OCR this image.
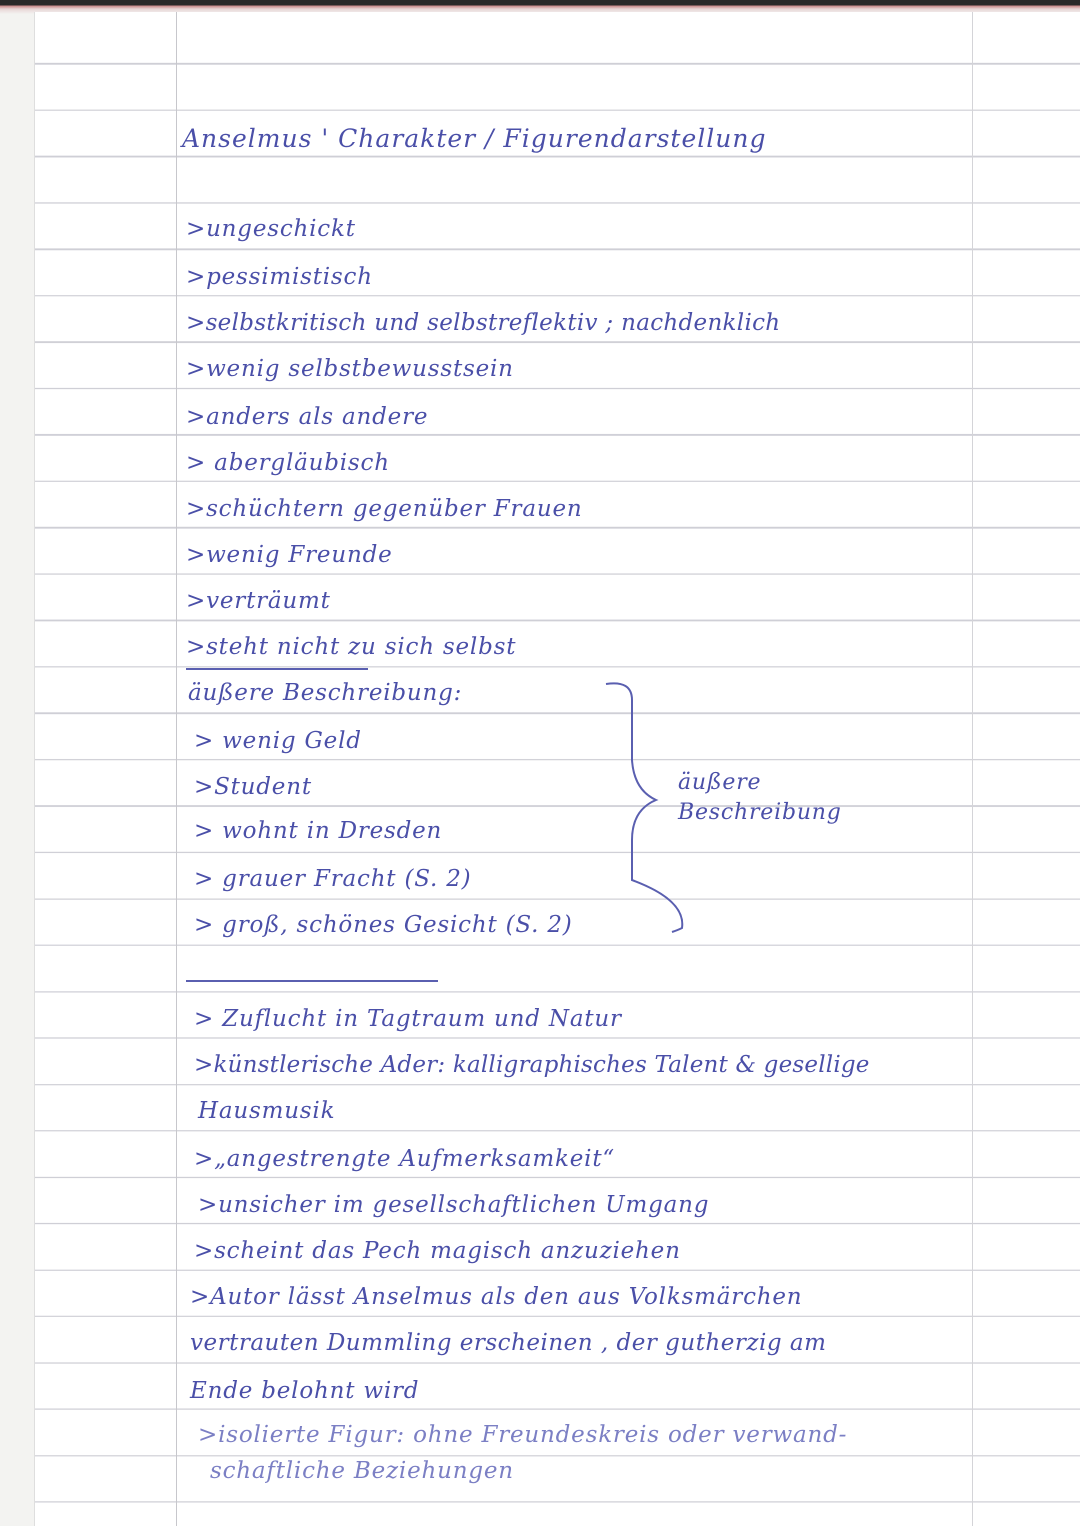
Anselmus ' Charakter / Figurendarstellung
>ungeschickt
>pessimistisch
>selbstkritisch und selbstreflektiv ; nachdenklich
>wenig selbstbewusstsein
>anders als andere
> abergläubisch
>schüchtern gegenüber Frauen
>wenig Freunde
>verträumt
>steht nicht zu sich selbst
äußere Beschreibung:
> wenig Geld
>Student
> wohnt in Dresden
> grauer Fracht (S. 2)
> groß, schönes Gesicht (S. 2)
äußere
Beschreibung
> Zuflucht in Tagtraum und Natur
>künstlerische Ader: kalligraphisches Talent & gesellige
Hausmusik
>„angestrengte Aufmerksamkeit“
>unsicher im gesellschaftlichen Umgang
>scheint das Pech magisch anzuziehen
>Autor lässt Anselmus als den aus Volksmärchen
vertrauten Dummling erscheinen , der gutherzig am
Ende belohnt wird
>isolierte Figur: ohne Freundeskreis oder verwand-
schaftliche Beziehungen
